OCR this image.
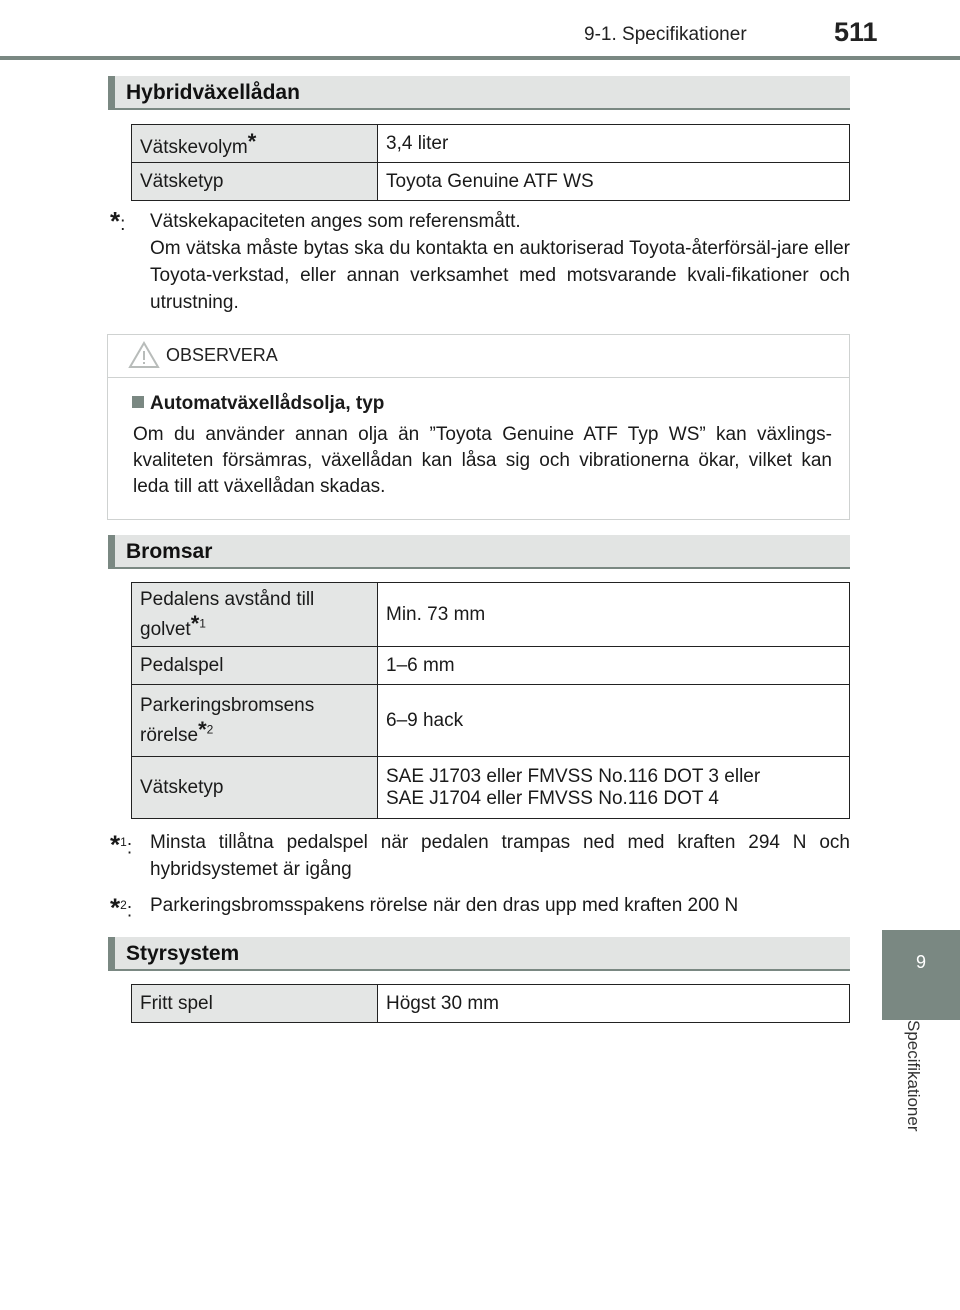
9-1. Specifikationer	511
9
Specifikationer
Hybridväxellådan
Vätskevolym*	3,4 liter
Vätsketyp	Toyota Genuine ATF WS
*:	Vätskekapaciteten anges som referensmått.
Om vätska måste bytas ska du kontakta en auktoriserad Toyota-återförsäl-jare eller Toyota-verkstad, eller annan verksamhet med motsvarande kvali-fikationer och utrustning.
OBSERVERA
Automatväxellådsolja, typ
Om du använder annan olja än ”Toyota Genuine ATF Typ WS” kan växlings-kvaliteten försämras, växellådan kan låsa sig och vibrationerna ökar, vilket kan leda till att växellådan skadas.
Bromsar
Pedalens avstånd till golvet*$^1$	Min. 73 mm
Pedalspel	1–6 mm
Parkeringsbromsens
rörelse*$^2$	6–9 hack
Vätsketyp	SAE J1703 eller FMVSS No.116 DOT 3 eller
SAE J1704 eller FMVSS No.116 DOT 4
*$^1$: Minsta tillåtna pedalspel när pedalen trampas ned med kraften 294 N och hybridsystemet är igång
*$^2$: Parkeringsbromsspakens rörelse när den dras upp med kraften 200 N
Styrsystem
Fritt spel	Högst 30 mm
